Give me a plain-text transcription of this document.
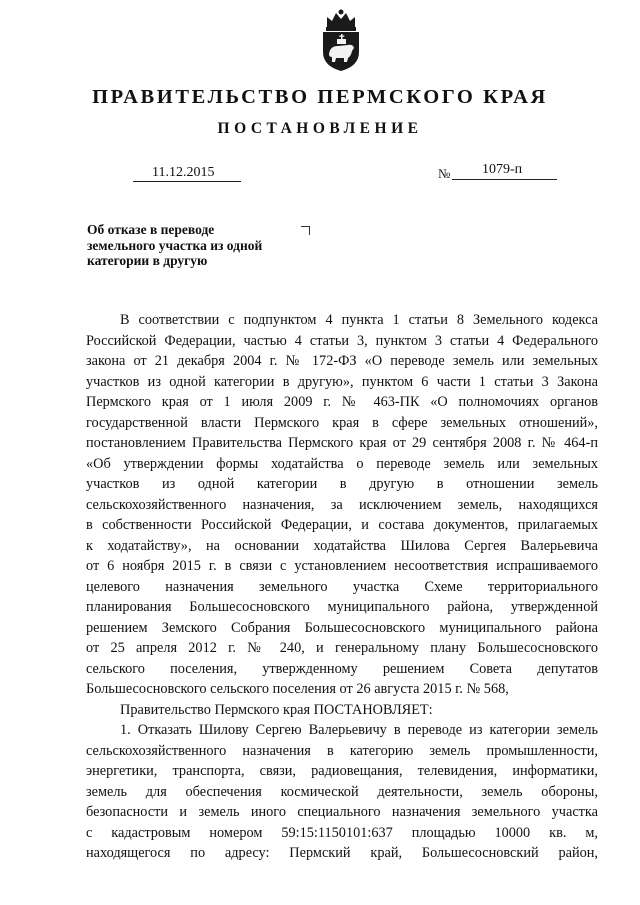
ПРАВИТЕЛЬСТВО ПЕРМСКОГО КРАЯ
ПОСТАНОВЛЕНИЕ
11.12.2015	№ 1079-п
Об отказе в переводе
земельного участка из одной
категории в другую

В соответствии с подпунктом 4 пункта 1 статьи 8 Земельного кодекса

Российской Федерации, частью 4 статьи 3, пунктом 3 статьи 4 Федерального

закона от 21 декабря 2004 г. № 172-ФЗ «О переводе земель или земельных

участков из одной категории в другую», пунктом 6 части 1 статьи 3 Закона

Пермского края от 1 июля 2009 г. № 463-ПК «О полномочиях органов

государственной власти Пермского края в сфере земельных отношений»,

постановлением Правительства Пермского края от 29 сентября 2008 г. № 464-п

«Об утверждении формы ходатайства о переводе земель или земельных

участков из одной категории в другую в отношении земель

сельскохозяйственного назначения, за исключением земель, находящихся

в собственности Российской Федерации, и состава документов, прилагаемых

к ходатайству», на основании ходатайства Шилова Сергея Валерьевича

от 6 ноября 2015 г. в связи с установлением несоответствия испрашиваемого

целевого назначения земельного участка Схеме территориального

планирования Большесосновского муниципального района, утвержденной

решением Земского Собрания Большесосновского муниципального района

от 25 апреля 2012 г. № 240, и генеральному плану Большесосновского

сельского поселения, утвержденному решением Совета депутатов

Большесосновского сельского поселения от 26 августа 2015 г. № 568,

Правительство Пермского края ПОСТАНОВЛЯЕТ:

1. Отказать Шилову Сергею Валерьевичу в переводе из категории земель

сельскохозяйственного назначения в категорию земель промышленности,

энергетики, транспорта, связи, радиовещания, телевидения, информатики,

земель для обеспечения космической деятельности, земель обороны,

безопасности и земель иного специального назначения земельного участка

с кадастровым номером 59:15:1150101:637 площадью 10000 кв. м,

находящегося по адресу: Пермский край, Большесосновский район,
